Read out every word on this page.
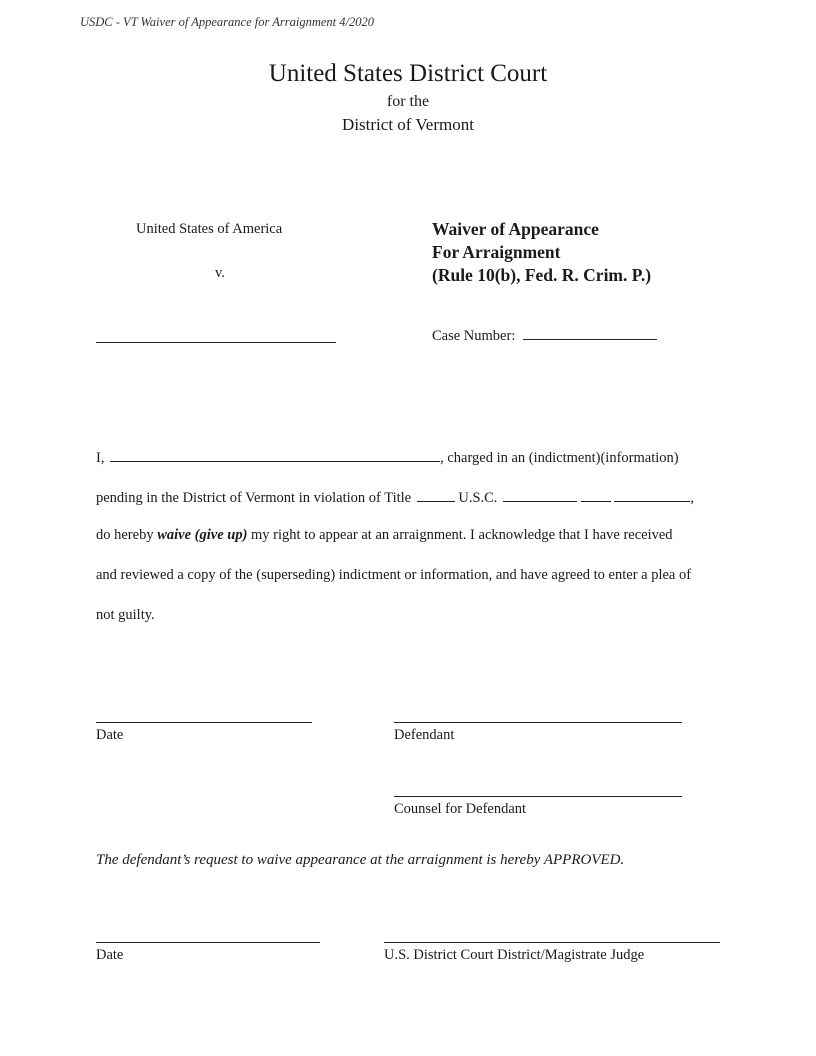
USDC - VT Waiver of Appearance for Arraignment 4/2020
United States District Court
for the
District of Vermont
United States of America
v.
Waiver of Appearance
For Arraignment
(Rule 10(b), Fed. R. Crim. P.)
Case Number:
I,	, charged in an (indictment)(information)
pending in the District of Vermont in violation of Title	U.S.C.	,
do hereby waive (give up) my right to appear at an arraignment. I acknowledge that I have received
and reviewed a copy of the (superseding) indictment or information, and have agreed to enter a plea of
not guilty.
Date	Defendant
Counsel for Defendant
The defendant’s request to waive appearance at the arraignment is hereby APPROVED.
Date	U.S. District Court District/Magistrate Judge
